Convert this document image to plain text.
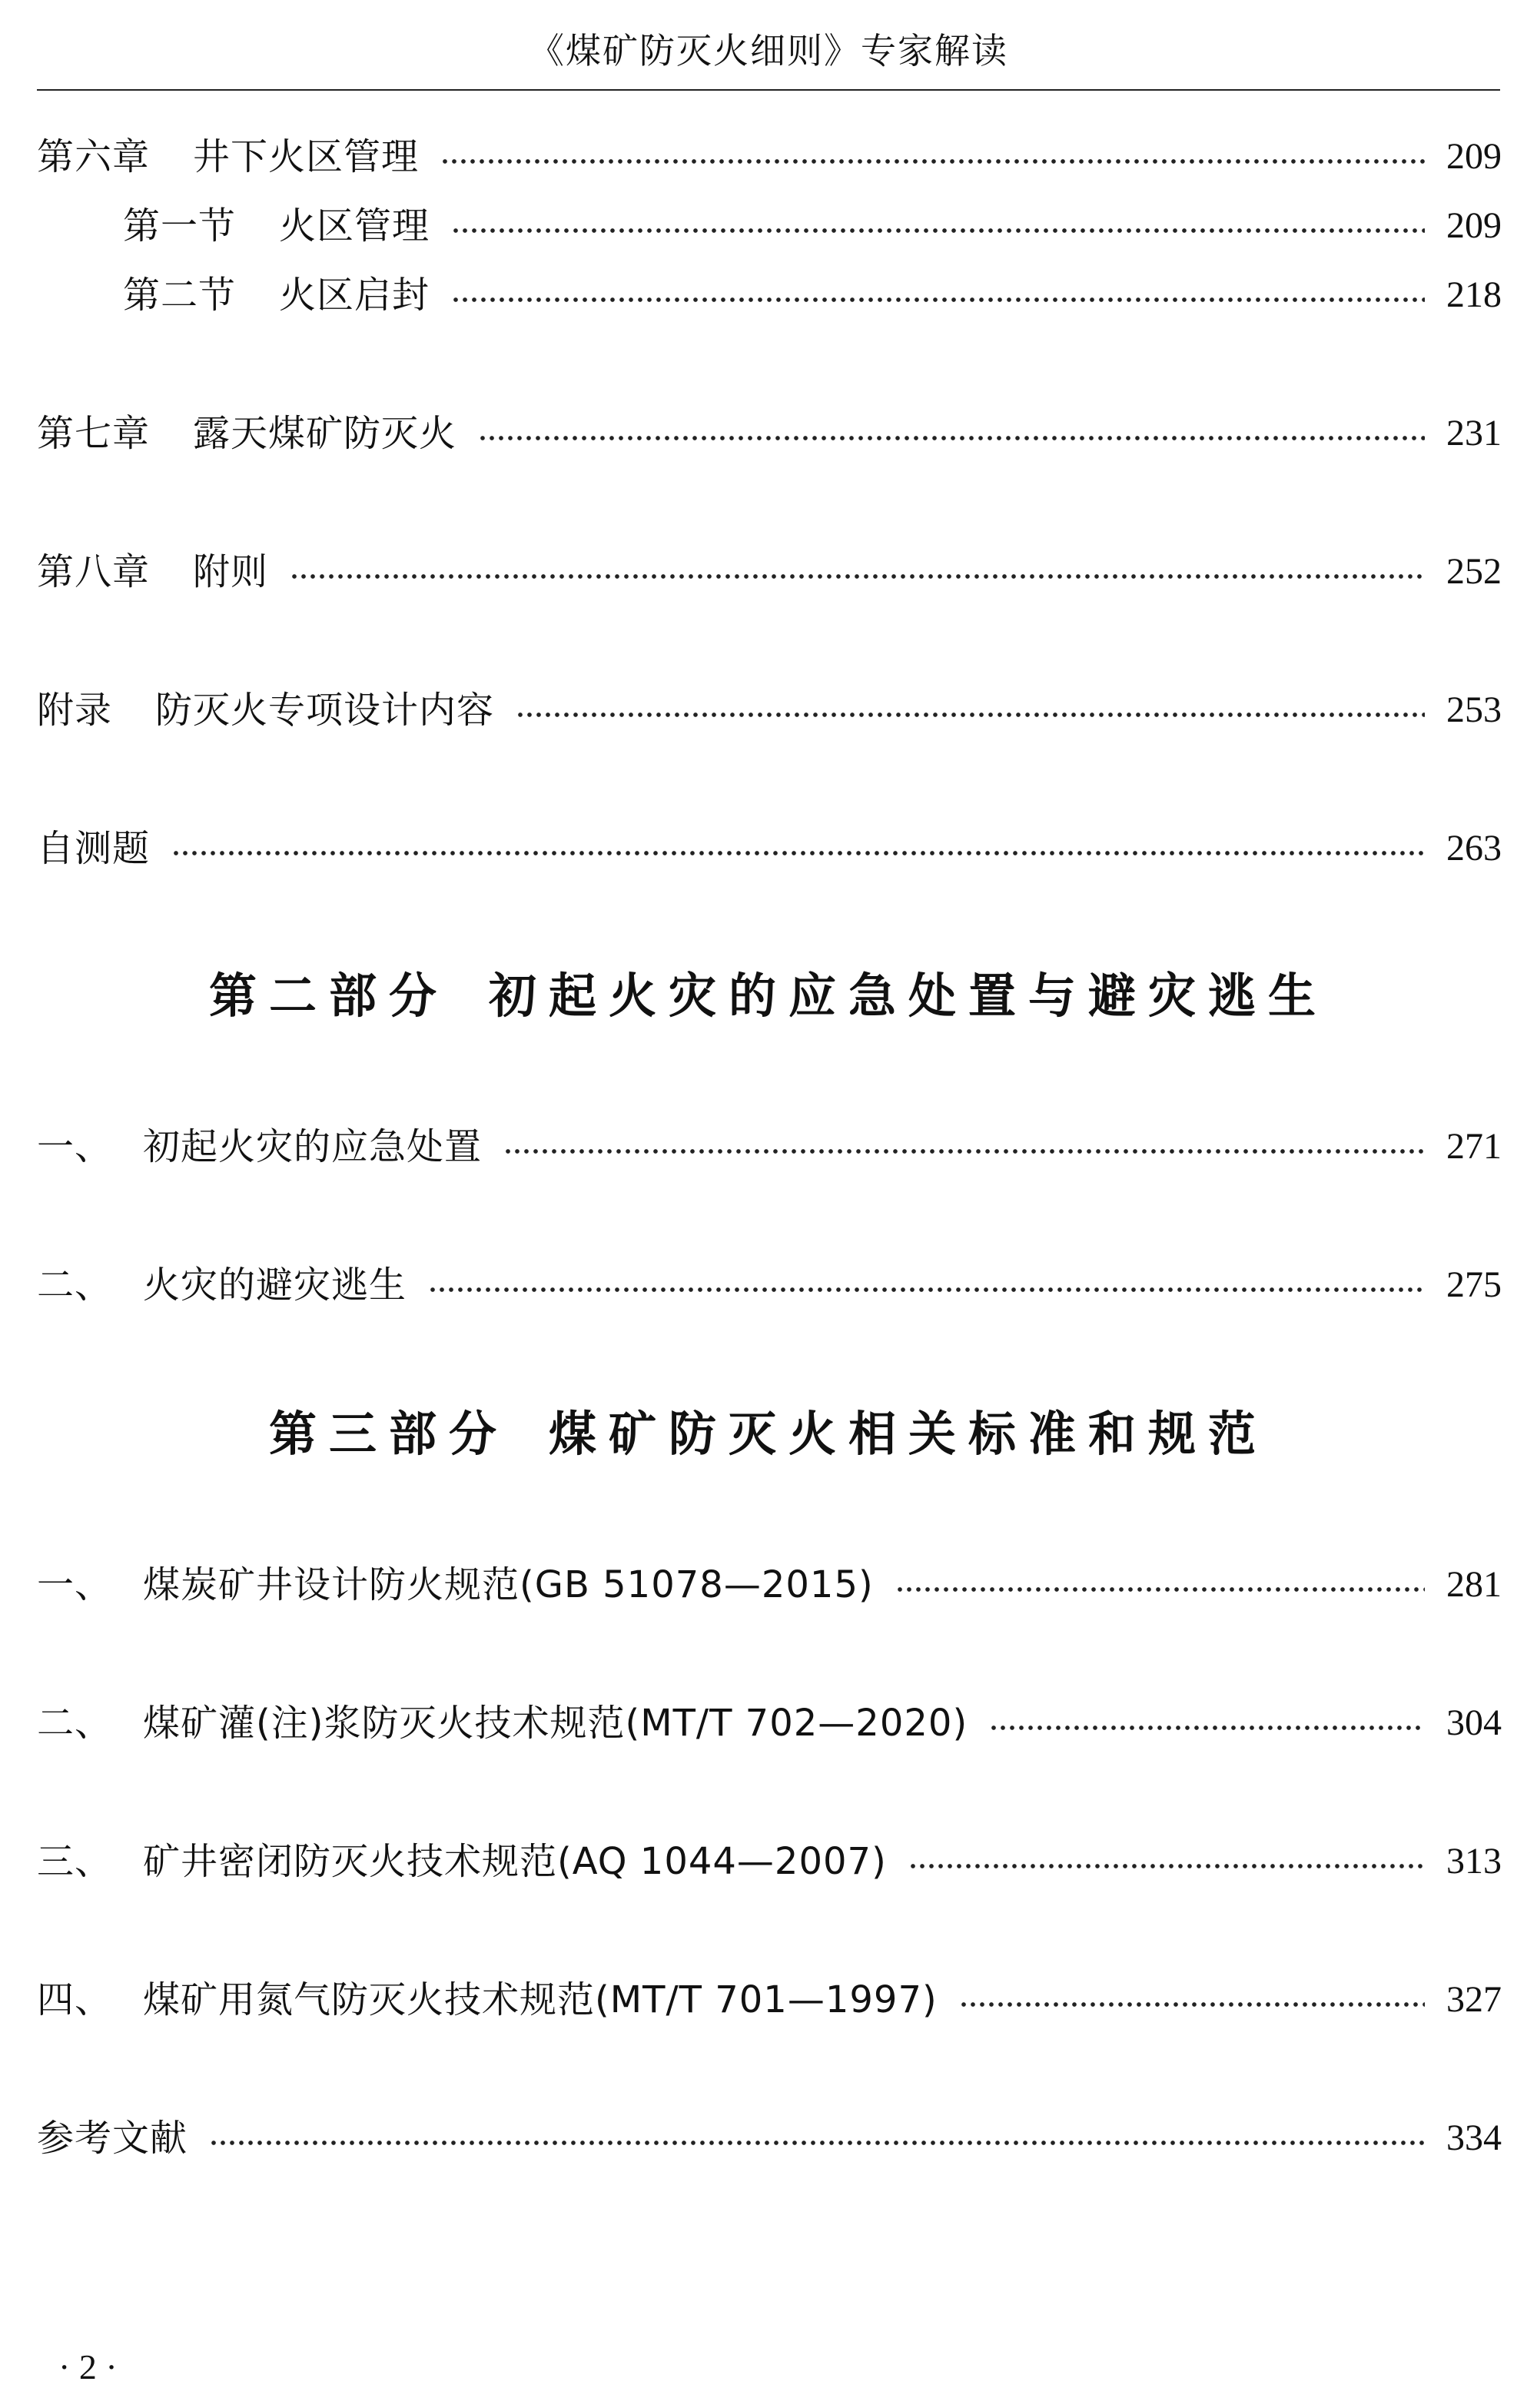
《煤矿防灭火细则》专家解读
第六章 井下火区管理	209
第一节 火区管理	209
第二节 火区启封	218
第七章 露天煤矿防灭火	231
第八章 附则	252
附录 防灭火专项设计内容	253
自测题	263
第二部分 初起火灾的应急处置与避灾逃生
一、 初起火灾的应急处置	271
二、 火灾的避灾逃生	275
第三部分 煤矿防灭火相关标准和规范
一、 煤炭矿井设计防火规范(GB 51078—2015)	281
二、 煤矿灌(注)浆防灭火技术规范(MT/T 702—2020)	304
三、 矿井密闭防灭火技术规范(AQ 1044—2007)	313
四、 煤矿用氮气防灭火技术规范(MT/T 701—1997)	327
参考文献	334
· 2 ·
